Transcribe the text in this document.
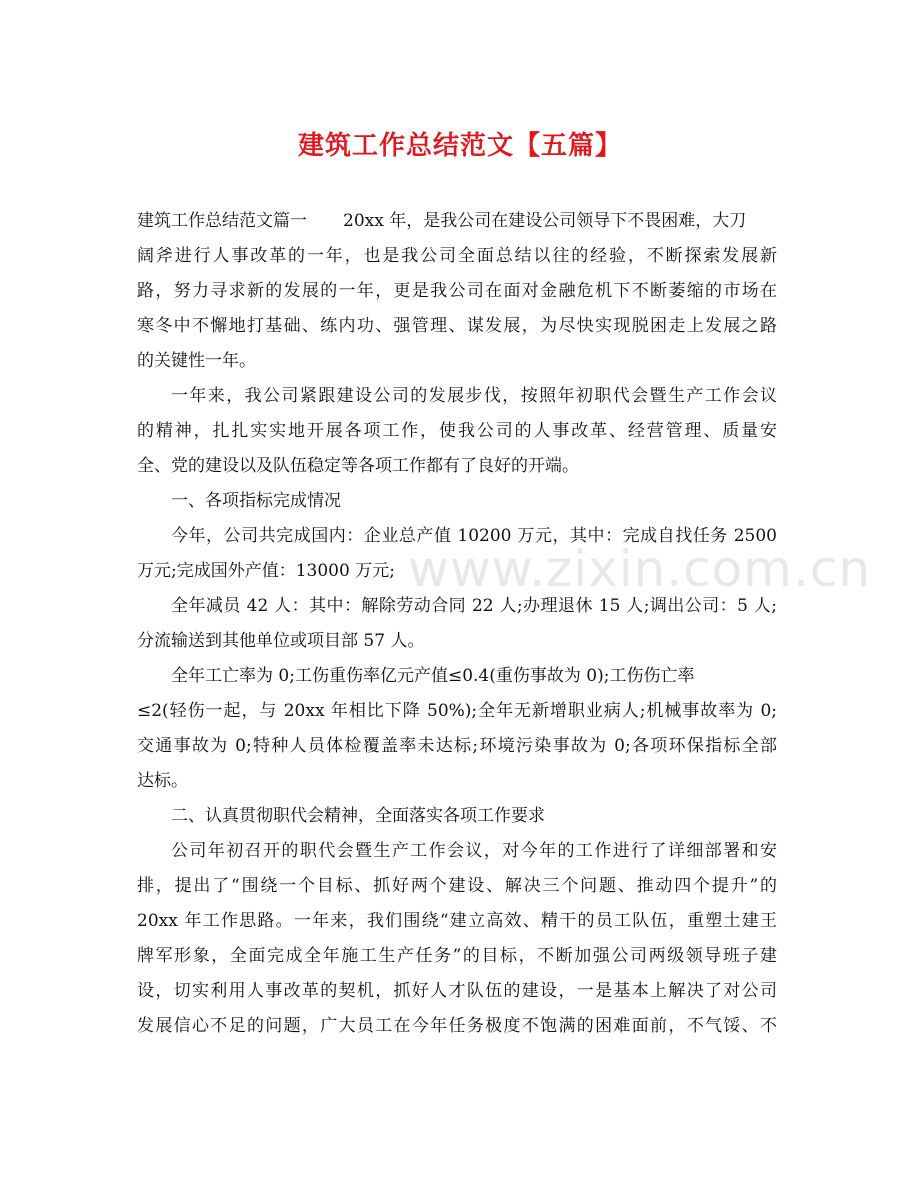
建筑工作总结范文【五篇】
www.zixin.com.cn
建筑工作总结范文篇一 20xx 年，是我公司在建设公司领导下不畏困难，大刀
阔斧进行人事改革的一年，也是我公司全面总结以往的经验，不断探索发展新
路，努力寻求新的发展的一年，更是我公司在面对金融危机下不断萎缩的市场在
寒冬中不懈地打基础、练内功、强管理、谋发展，为尽快实现脱困走上发展之路
的关键性一年。
一年来，我公司紧跟建设公司的发展步伐，按照年初职代会暨生产工作会议
的精神，扎扎实实地开展各项工作，使我公司的人事改革、经营管理、质量安
全、党的建设以及队伍稳定等各项工作都有了良好的开端。
一、各项指标完成情况
今年，公司共完成国内：企业总产值 10200 万元，其中：完成自找任务 2500
万元;完成国外产值：13000 万元;
全年减员 42 人：其中：解除劳动合同 22 人;办理退休 15 人;调出公司：5 人;
分流输送到其他单位或项目部 57 人。
全年工亡率为 0;工伤重伤率亿元产值≤0.4(重伤事故为 0);工伤伤亡率
≤2(轻伤一起，与 20xx 年相比下降 50%);全年无新增职业病人;机械事故率为 0;
交通事故为 0;特种人员体检覆盖率未达标;环境污染事故为 0;各项环保指标全部
达标。
二、认真贯彻职代会精神，全面落实各项工作要求
公司年初召开的职代会暨生产工作会议，对今年的工作进行了详细部署和安
排，提出了“围绕一个目标、抓好两个建设、解决三个问题、推动四个提升”的
20xx 年工作思路。一年来，我们围绕“建立高效、精干的员工队伍，重塑土建王
牌军形象，全面完成全年施工生产任务”的目标，不断加强公司两级领导班子建
设，切实利用人事改革的契机，抓好人才队伍的建设，一是基本上解决了对公司
发展信心不足的问题，广大员工在今年任务极度不饱满的困难面前，不气馁、不
